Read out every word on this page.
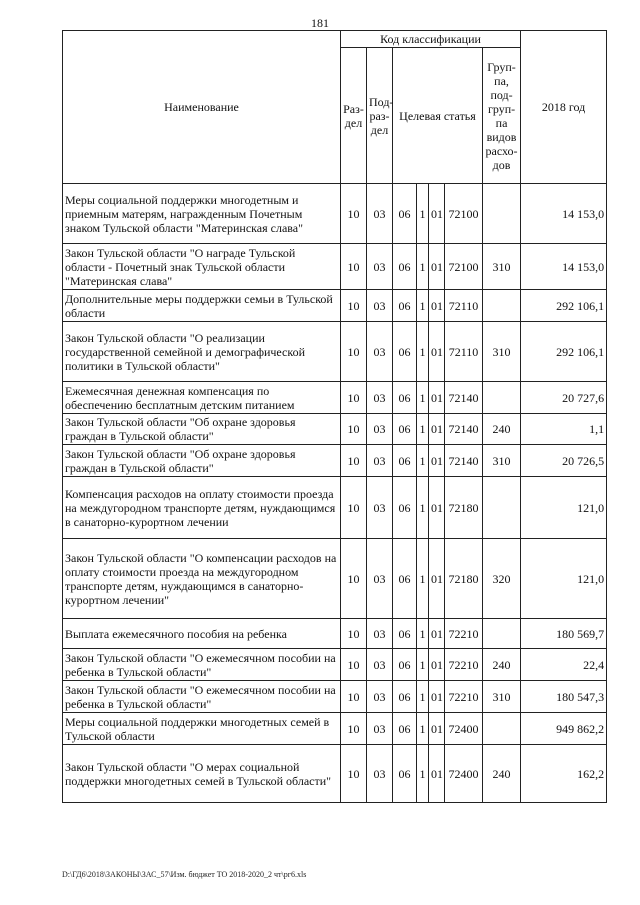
181
Наименование	Код классификации							2018 год
	Раз-дел	Под-раз-дел	Целевая статья				Груп-па, под-груп-па видов расхо-дов	
Меры социальной поддержки многодетным и приемным матерям, награжденным Почетным знаком Тульской области "Материнская слава"	10	03	06	1	01	72100		14 153,0
Закон Тульской области "О награде Тульской области - Почетный знак Тульской области "Материнская слава"	10	03	06	1	01	72100	310	14 153,0
Дополнительные меры поддержки семьи в Тульской области	10	03	06	1	01	72110		292 106,1
Закон Тульской области "О реализации государственной семейной и демографической политики в Тульской области"	10	03	06	1	01	72110	310	292 106,1
Ежемесячная денежная компенсация по обеспечению бесплатным детским питанием	10	03	06	1	01	72140		20 727,6
Закон Тульской области "Об охране здоровья граждан в Тульской области"	10	03	06	1	01	72140	240	1,1
Закон Тульской области "Об охране здоровья граждан в Тульской области"	10	03	06	1	01	72140	310	20 726,5
Компенсация расходов на оплату стоимости проезда на междугородном транспорте детям, нуждающимся в санаторно-курортном лечении	10	03	06	1	01	72180		121,0
Закон Тульской области "О компенсации расходов на оплату стоимости проезда на междугородном транспорте детям, нуждающимся в санаторно-курортном лечении"	10	03	06	1	01	72180	320	121,0
Выплата ежемесячного пособия на ребенка	10	03	06	1	01	72210		180 569,7
Закон Тульской области "О ежемесячном пособии на ребенка в Тульской области"	10	03	06	1	01	72210	240	22,4
Закон Тульской области "О ежемесячном пособии на ребенка в Тульской области"	10	03	06	1	01	72210	310	180 547,3
Меры социальной поддержки многодетных семей в Тульской области	10	03	06	1	01	72400		949 862,2
Закон Тульской области "О мерах социальной поддержки многодетных семей в Тульской области"	10	03	06	1	01	72400	240	162,2
D:\ГД6\2018\ЗАКОНЫ\ЗАС_57\Изм. бюджет ТО 2018-2020_2 чт\рг6.xls
